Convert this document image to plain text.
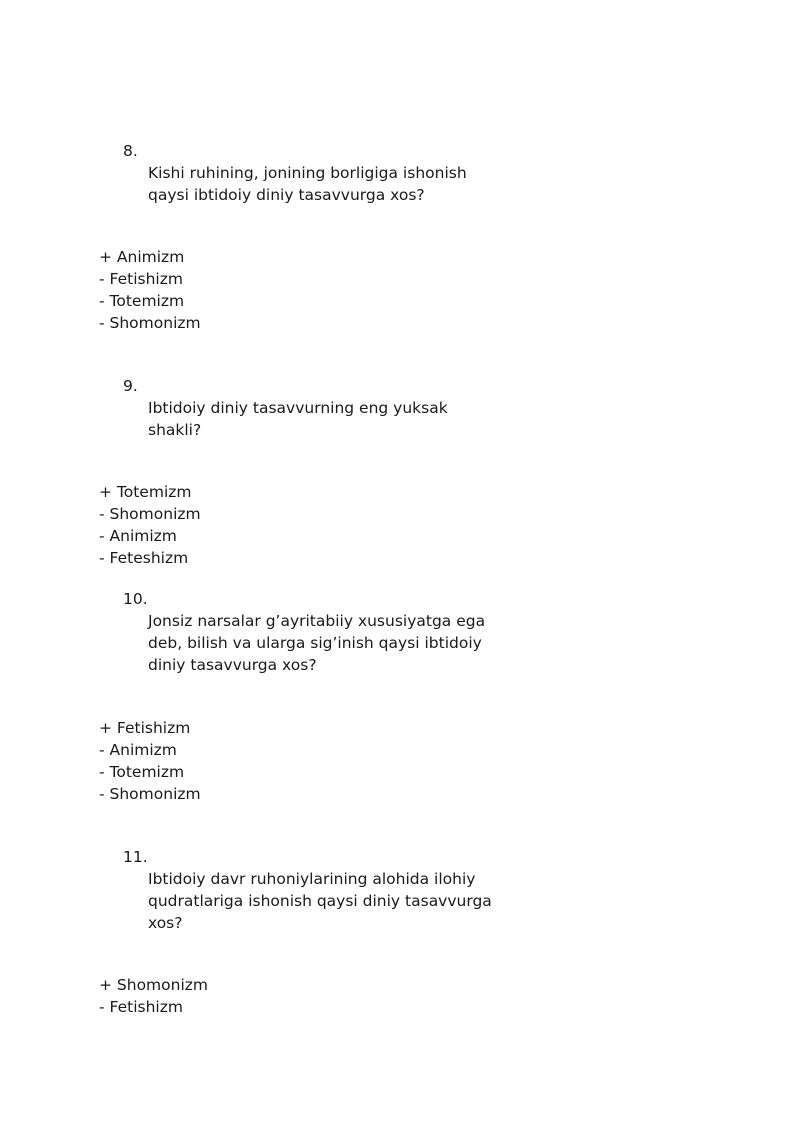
8.
Kishi ruhining, jonining borligiga ishonish
qaysi ibtidoiy diniy tasavvurga xos?
+ Animizm
- Fetishizm
- Totemizm
- Shomonizm
9.
Ibtidoiy diniy tasavvurning eng yuksak
shakli?
+ Totemizm
- Shomonizm
- Animizm
- Feteshizm
10.
Jonsiz narsalar g’ayritabiiy xususiyatga ega
deb, bilish va ularga sig’inish qaysi ibtidoiy
diniy tasavvurga xos?
+ Fetishizm
- Animizm
- Totemizm
- Shomonizm
11.
Ibtidoiy davr ruhoniylarining alohida ilohiy
qudratlariga ishonish qaysi diniy tasavvurga
xos?
+ Shomonizm
- Fetishizm
